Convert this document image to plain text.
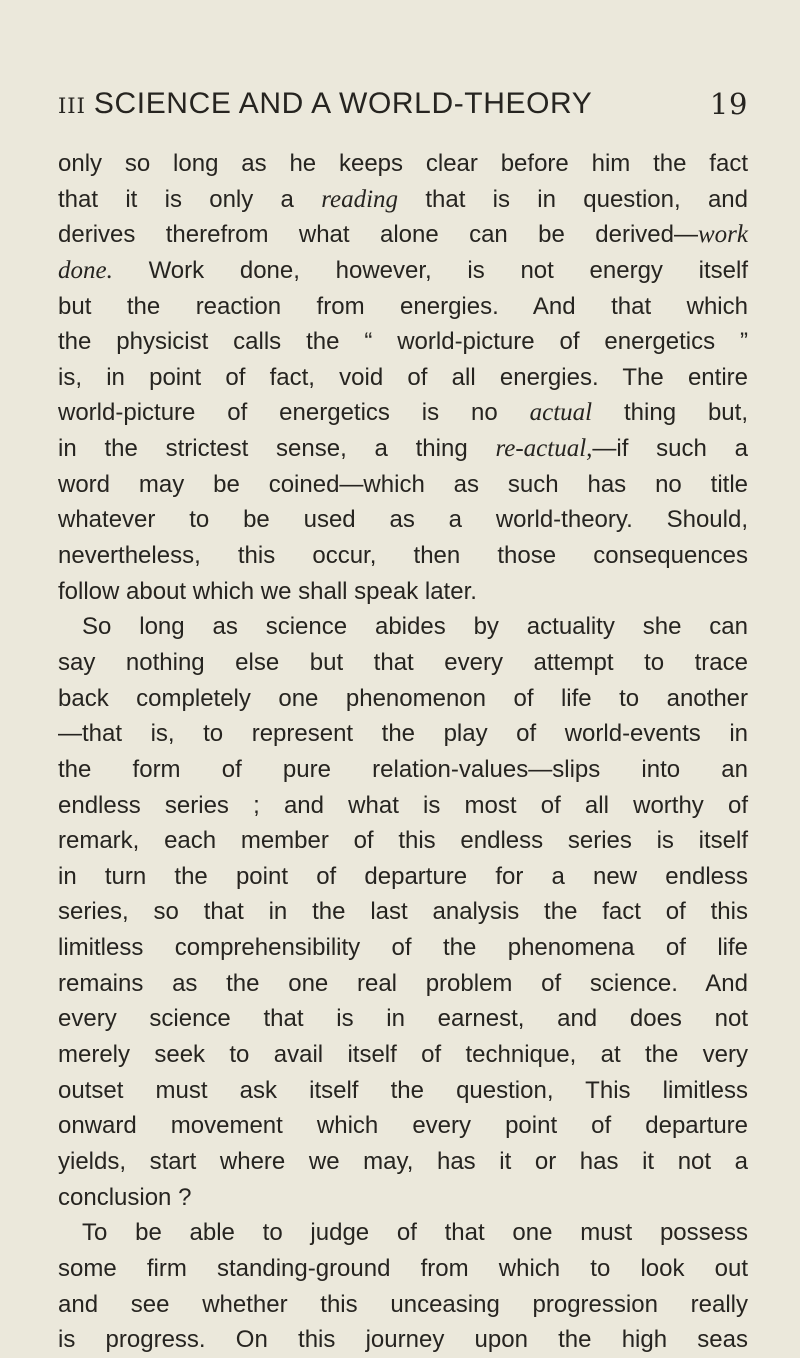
III SCIENCE AND A WORLD-THEORY	19
only so long as he keeps clear before him the fact
that it is only a reading that is in question, and
derives therefrom what alone can be derived—work
done. Work done, however, is not energy itself
but the reaction from energies. And that which
the physicist calls the “ world-picture of energetics ”
is, in point of fact, void of all energies. The entire
world-picture of energetics is no actual thing but,
in the strictest sense, a thing re-actual,—if such a
word may be coined—which as such has no title
whatever to be used as a world-theory. Should,
nevertheless, this occur, then those consequences
follow about which we shall speak later.
So long as science abides by actuality she can
say nothing else but that every attempt to trace
back completely one phenomenon of life to another
—that is, to represent the play of world-events in
the form of pure relation-values—slips into an
endless series ; and what is most of all worthy of
remark, each member of this endless series is itself
in turn the point of departure for a new endless
series, so that in the last analysis the fact of this
limitless comprehensibility of the phenomena of life
remains as the one real problem of science. And
every science that is in earnest, and does not
merely seek to avail itself of technique, at the very
outset must ask itself the question, This limitless
onward movement which every point of departure
yields, start where we may, has it or has it not a
conclusion ?
To be able to judge of that one must possess
some firm standing-ground from which to look out
and see whether this unceasing progression really
is progress. On this journey upon the high seas
